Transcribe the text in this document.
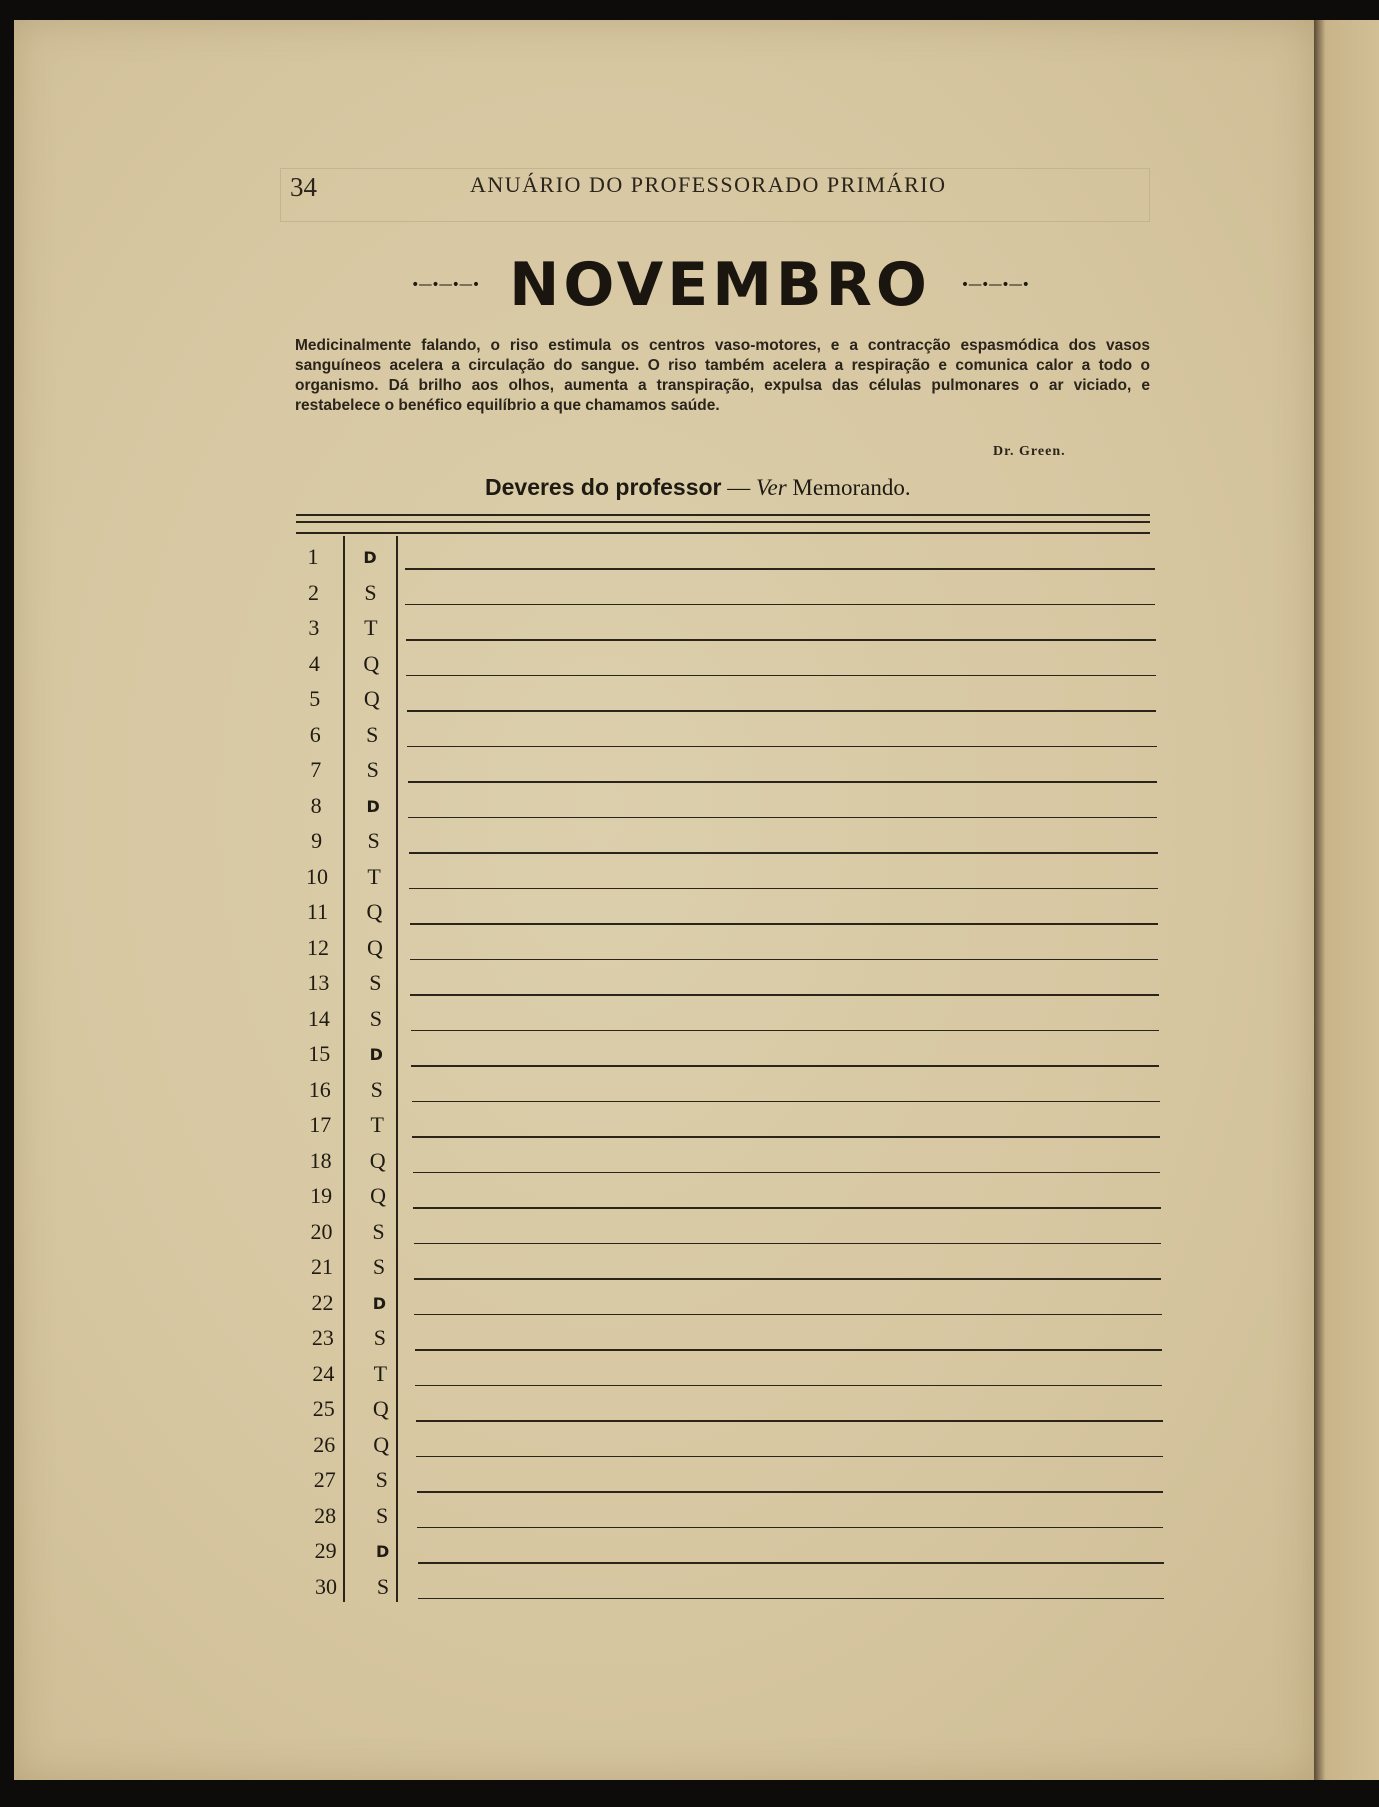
34	ANUÁRIO DO PROFESSORADO PRIMÁRIO
•—•—•—• NOVEMBRO •—•—•—•
Medicinalmente falando, o riso estimula os centros vaso-motores, e a contracção espasmódica dos vasos sanguíneos acelera a circulação do sangue. O riso também acelera a respiração e comunica calor a todo o organismo. Dá brilho aos olhos, aumenta a transpiração, expulsa das células pulmonares o ar viciado, e restabelece o benéfico equilíbrio a que chamamos saúde.
Dr. Green.
Deveres do professor — Ver Memorando.
1	D
2	S
3	T
4	Q
5	Q
6	S
7	S
8	D
9	S
10	T
11	Q
12	Q
13	S
14	S
15	D
16	S
17	T
18	Q
19	Q
20	S
21	S
22	D
23	S
24	T
25	Q
26	Q
27	S
28	S
29	D
30	S
